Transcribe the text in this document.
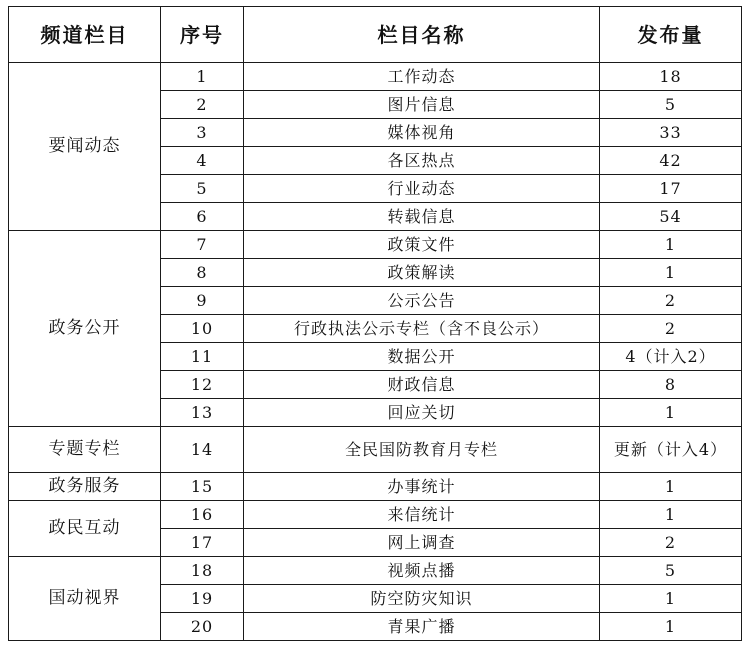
频道栏目	序号	栏目名称	发布量
要闻动态	1	工作动态	18
	2	图片信息	5
	3	媒体视角	33
	4	各区热点	42
	5	行业动态	17
	6	转载信息	54
政务公开	7	政策文件	1
	8	政策解读	1
	9	公示公告	2
	10	行政执法公示专栏（含不良公示）	2
	11	数据公开	4（计入2）
	12	财政信息	8
	13	回应关切	1
专题专栏	14	全民国防教育月专栏	更新（计入4）
政务服务	15	办事统计	1
政民互动	16	来信统计	1
	17	网上调查	2
国动视界	18	视频点播	5
	19	防空防灾知识	1
	20	青果广播	1
